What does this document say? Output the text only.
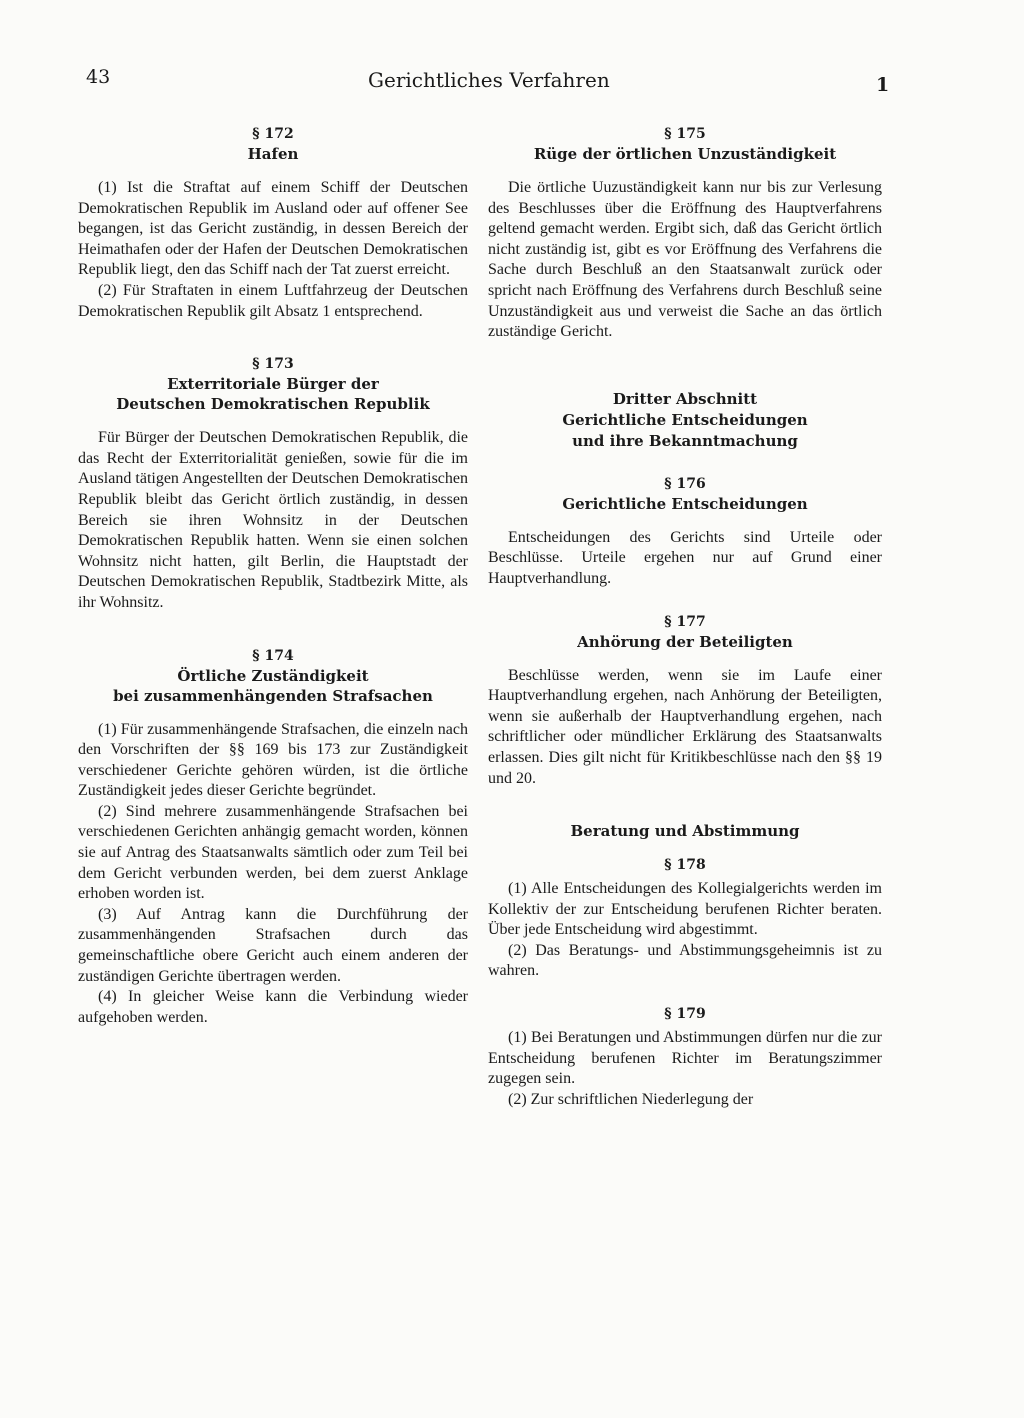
43	Gerichtliches Verfahren	1

§ 172

Hafen

(1) Ist die Straftat auf einem Schiff der Deutschen Demokratischen Republik im Ausland oder auf offener See begangen, ist das Gericht zuständig, in dessen Bereich der Heimathafen oder der Hafen der Deutschen Demokratischen Republik liegt, den das Schiff nach der Tat zuerst erreicht.

(2) Für Straftaten in einem Luftfahrzeug der Deutschen Demokratischen Republik gilt Absatz 1 entsprechend.

§ 173

Exterritoriale Bürger der

Deutschen Demokratischen Republik

Für Bürger der Deutschen Demokratischen Republik, die das Recht der Exterritorialität genießen, sowie für die im Ausland tätigen Angestellten der Deutschen Demokratischen Republik bleibt das Gericht örtlich zuständig, in dessen Bereich sie ihren Wohnsitz in der Deutschen Demokratischen Republik hatten. Wenn sie einen solchen Wohnsitz nicht hatten, gilt Berlin, die Hauptstadt der Deutschen Demokratischen Republik, Stadtbezirk Mitte, als ihr Wohnsitz.

§ 174

Örtliche Zuständigkeit

bei zusammenhängenden Strafsachen

(1) Für zusammenhängende Strafsachen, die einzeln nach den Vorschriften der §§ 169 bis 173 zur Zuständigkeit verschiedener Gerichte gehören würden, ist die örtliche Zuständigkeit jedes dieser Gerichte begründet.

(2) Sind mehrere zusammenhängende Strafsachen bei verschiedenen Gerichten anhängig gemacht worden, können sie auf Antrag des Staatsanwalts sämtlich oder zum Teil bei dem Gericht verbunden werden, bei dem zuerst Anklage erhoben worden ist.

(3) Auf Antrag kann die Durchführung der zusammenhängenden Strafsachen durch das gemeinschaftliche obere Gericht auch einem anderen der zuständigen Gerichte übertragen werden.

(4) In gleicher Weise kann die Verbindung wieder aufgehoben werden.

§ 175

Rüge der örtlichen Unzuständigkeit

Die örtliche Uuzuständigkeit kann nur bis zur Verlesung des Beschlusses über die Eröffnung des Hauptverfahrens geltend gemacht werden. Ergibt sich, daß das Gericht örtlich nicht zuständig ist, gibt es vor Eröffnung des Verfahrens die Sache durch Beschluß an den Staatsanwalt zurück oder spricht nach Eröffnung des Verfahrens durch Beschluß seine Unzuständigkeit aus und verweist die Sache an das örtlich zuständige Gericht.

Dritter Abschnitt

Gerichtliche Entscheidungen

und ihre Bekanntmachung

§ 176

Gerichtliche Entscheidungen

Entscheidungen des Gerichts sind Urteile oder Beschlüsse. Urteile ergehen nur auf Grund einer Hauptverhandlung.

§ 177

Anhörung der Beteiligten

Beschlüsse werden, wenn sie im Laufe einer Hauptverhandlung ergehen, nach Anhörung der Beteiligten, wenn sie außerhalb der Hauptverhandlung ergehen, nach schriftlicher oder mündlicher Erklärung des Staatsanwalts erlassen. Dies gilt nicht für Kritikbeschlüsse nach den §§ 19 und 20.

Beratung und Abstimmung

§ 178

(1) Alle Entscheidungen des Kollegialgerichts werden im Kollektiv der zur Entscheidung berufenen Richter beraten. Über jede Entscheidung wird abgestimmt.

(2) Das Beratungs- und Abstimmungsgeheimnis ist zu wahren.

§ 179

(1) Bei Beratungen und Abstimmungen dürfen nur die zur Entscheidung berufenen Richter im Beratungszimmer zugegen sein.

(2) Zur schriftlichen Niederlegung der
